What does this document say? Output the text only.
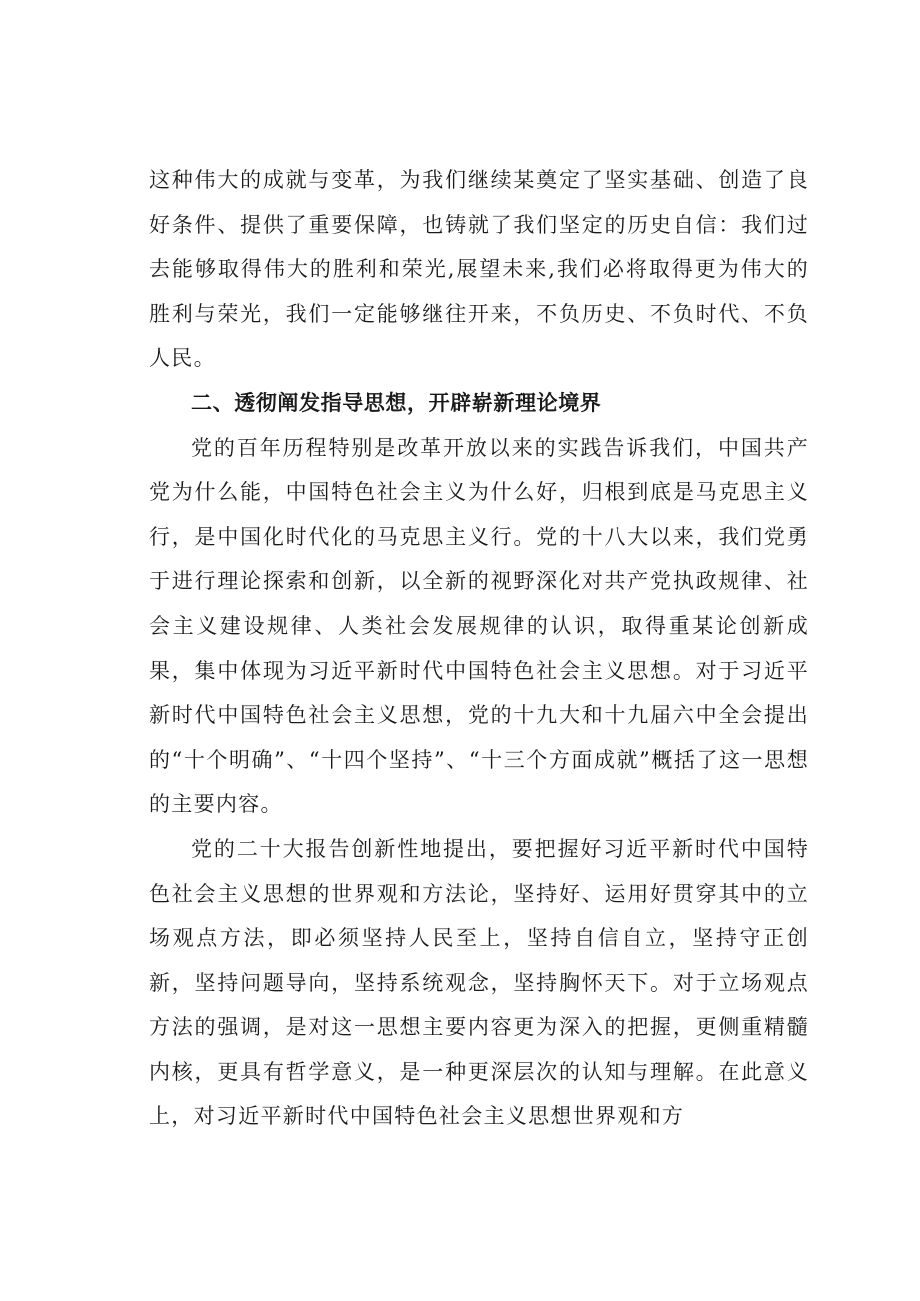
这种伟大的成就与变革，为我们继续某奠定了坚实基础、创造了良好条件、提供了重要保障，也铸就了我们坚定的历史自信：我们过去能够取得伟大的胜利和荣光,展望未来,我们必将取得更为伟大的胜利与荣光，我们一定能够继往开来，不负历史、不负时代、不负人民。

二、透彻阐发指导思想，开辟崭新理论境界

党的百年历程特别是改革开放以来的实践告诉我们，中国共产党为什么能，中国特色社会主义为什么好，归根到底是马克思主义行，是中国化时代化的马克思主义行。党的十八大以来，我们党勇于进行理论探索和创新，以全新的视野深化对共产党执政规律、社会主义建设规律、人类社会发展规律的认识，取得重某论创新成果，集中体现为习近平新时代中国特色社会主义思想。对于习近平新时代中国特色社会主义思想，党的十九大和十九届六中全会提出的“十个明确”、“十四个坚持”、“十三个方面成就”概括了这一思想的主要内容。

党的二十大报告创新性地提出，要把握好习近平新时代中国特色社会主义思想的世界观和方法论，坚持好、运用好贯穿其中的立场观点方法，即必须坚持人民至上，坚持自信自立，坚持守正创新，坚持问题导向，坚持系统观念，坚持胸怀天下。对于立场观点方法的强调，是对这一思想主要内容更为深入的把握，更侧重精髓内核，更具有哲学意义，是一种更深层次的认知与理解。在此意义上，对习近平新时代中国特色社会主义思想世界观和方
